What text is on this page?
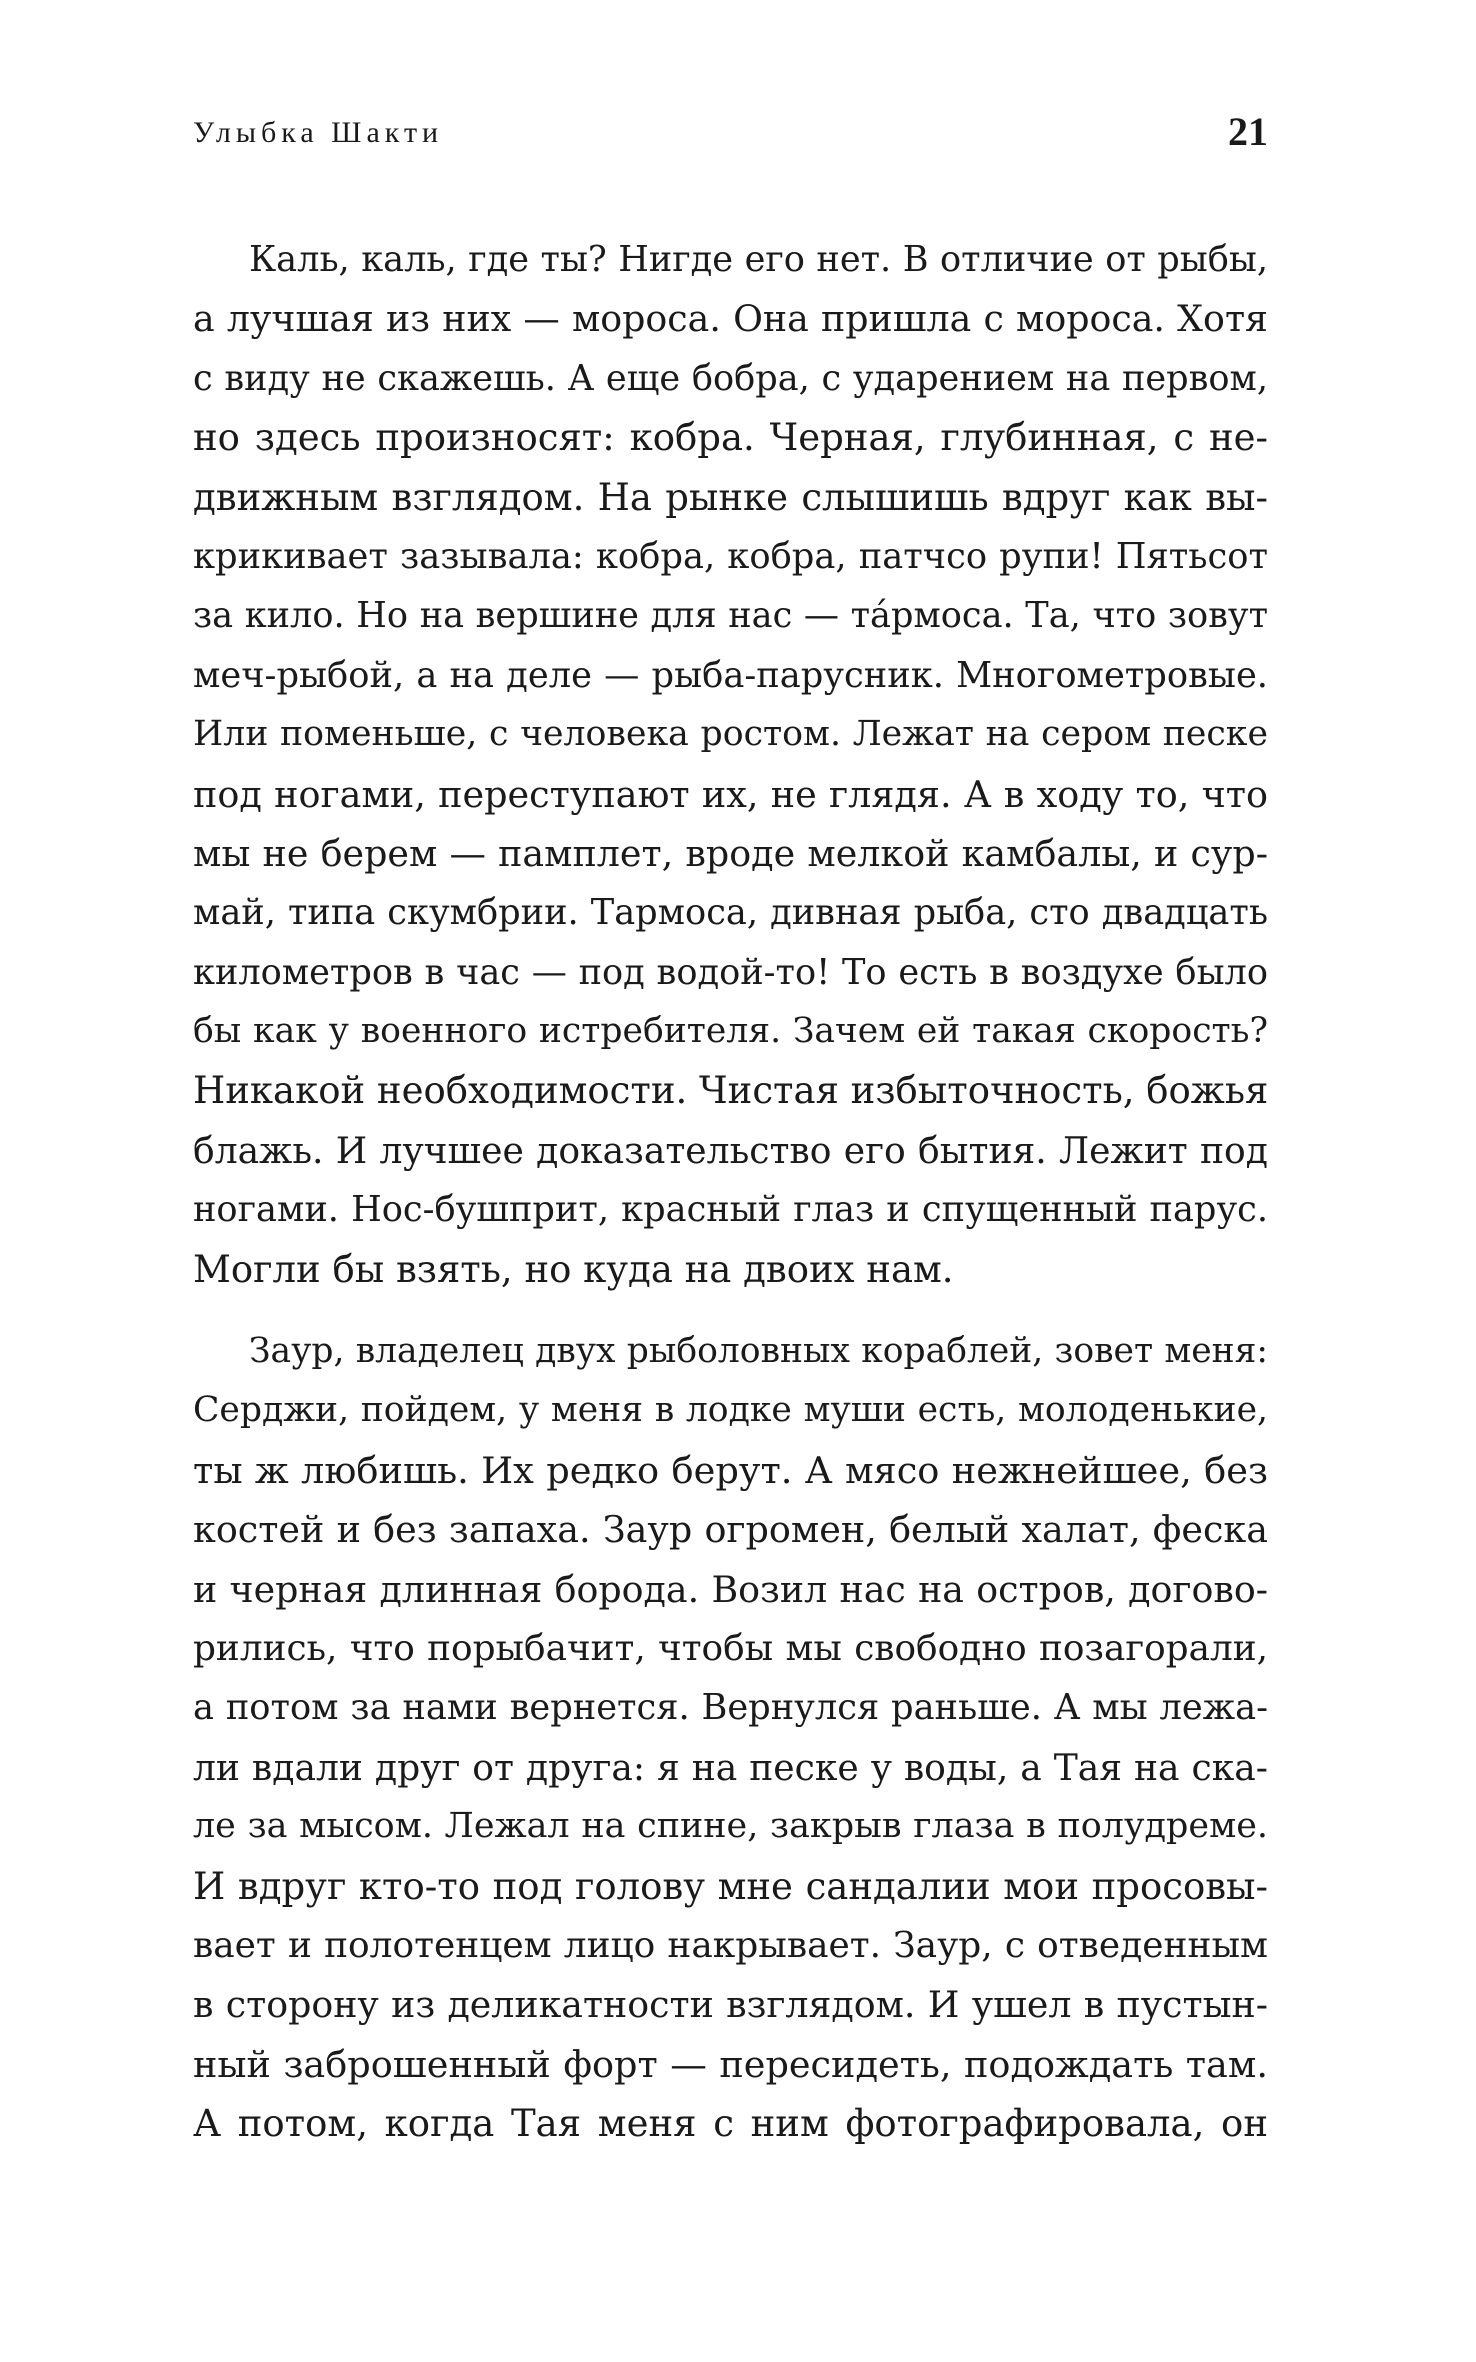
Улыбка Шакти	21
Каль, каль, где ты? Нигде его нет. В отличие от рыбы,
а лучшая из них — мороса. Она пришла с мороса. Хотя
с виду не скажешь. А еще бобра, с ударением на первом,
но здесь произносят: кобра. Черная, глубинная, с не-
движным взглядом. На рынке слышишь вдруг как вы-
крикивает зазывала: кобра, кобра, патчсо рупи! Пятьсот
за кило. Но на вершине для нас — та́рмоса. Та, что зовут
меч-рыбой, а на деле — рыба-парусник. Многометровые.
Или поменьше, с человека ростом. Лежат на сером песке
под ногами, переступают их, не глядя. А в ходу то, что
мы не берем — памплет, вроде мелкой камбалы, и сур-
май, типа скумбрии. Тармоса, дивная рыба, сто двадцать
километров в час — под водой-то! То есть в воздухе было
бы как у военного истребителя. Зачем ей такая скорость?
Никакой необходимости. Чистая избыточность, божья
блажь. И лучшее доказательство его бытия. Лежит под
ногами. Нос-бушприт, красный глаз и спущенный парус.
Могли бы взять, но куда на двоих нам.
Заур, владелец двух рыболовных кораблей, зовет меня:
Серджи, пойдем, у меня в лодке муши есть, молоденькие,
ты ж любишь. Их редко берут. А мясо нежнейшее, без
костей и без запаха. Заур огромен, белый халат, феска
и черная длинная борода. Возил нас на остров, догово-
рились, что порыбачит, чтобы мы свободно позагорали,
а потом за нами вернется. Вернулся раньше. А мы лежа-
ли вдали друг от друга: я на песке у воды, а Тая на ска-
ле за мысом. Лежал на спине, закрыв глаза в полудреме.
И вдруг кто-то под голову мне сандалии мои просовы-
вает и полотенцем лицо накрывает. Заур, с отведенным
в сторону из деликатности взглядом. И ушел в пустын-
ный заброшенный форт — пересидеть, подождать там.
А потом, когда Тая меня с ним фотографировала, он
